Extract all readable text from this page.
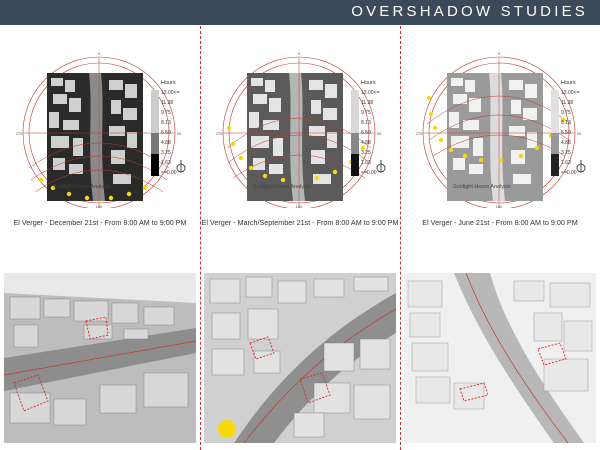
OVERSHADOW STUDIES
Hours
13.00<=
11.38
9.75
8.13
6.50
4.88
3.25
1.63
<=0.00
Sunlight Hours Analysis
0
90
180
270
El Verger - December 21st - From 8:00 AM to 9:00 PM
Hours
13.00<=
11.38
9.75
8.13
6.50
4.88
3.25
1.63
<=0.00
Sunlight Hours Analysis
0
90
180
270
El Verger - March/September 21st - From 8:00 AM to 9:00 PM
Hours
13.00<=
11.38
9.75
8.13
6.50
4.88
3.25
1.63
<=0.00
Sunlight Hours Analysis
0
90
180
270
El Verger - June 21st - From 8:00 AM to 9:00 PM
